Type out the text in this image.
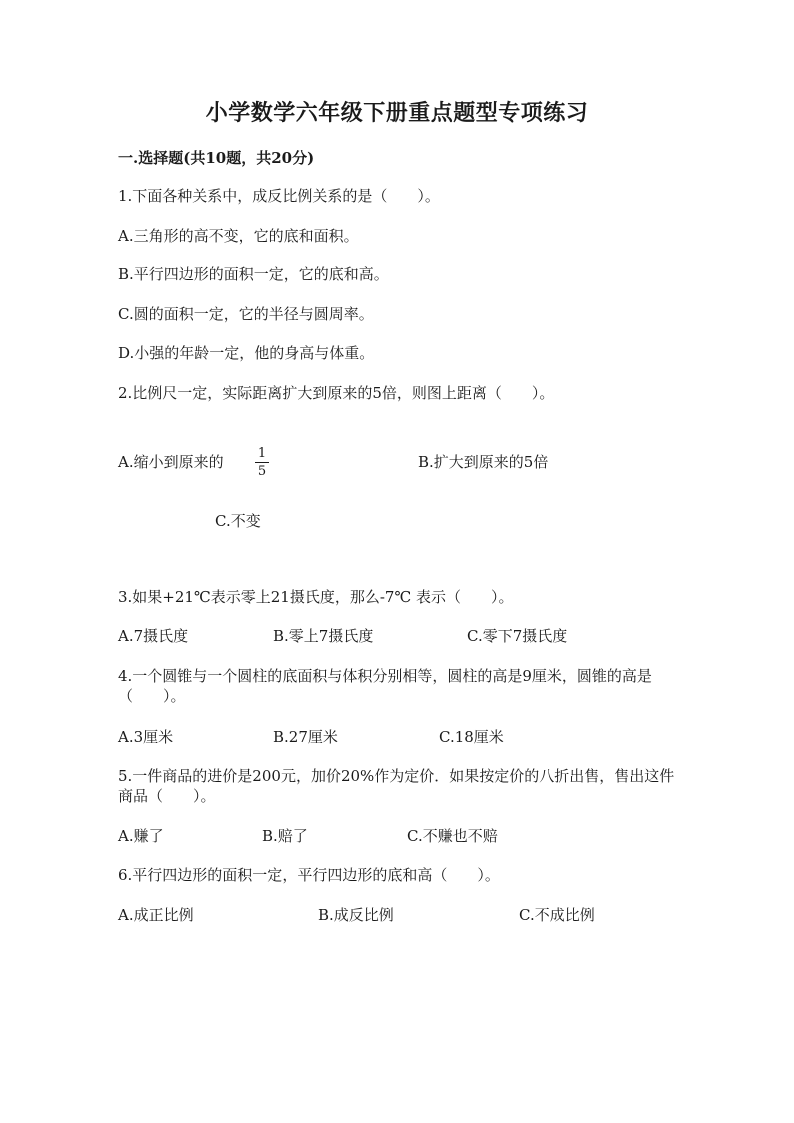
小学数学六年级下册重点题型专项练习
一.选择题(共10题，共20分)
1.下面各种关系中，成反比例关系的是（　　）。
A.三角形的高不变，它的底和面积。
B.平行四边形的面积一定，它的底和高。
C.圆的面积一定，它的半径与圆周率。
D.小强的年龄一定，他的身高与体重。
2.比例尺一定，实际距离扩大到原来的5倍，则图上距离（　　）。
A.缩小到原来的	1
5
B.扩大到原来的5倍
C.不变
3.如果+21℃表示零上21摄氏度，那么-7℃ 表示（　　）。
A.7摄氏度	B.零上7摄氏度	C.零下7摄氏度
4.一个圆锥与一个圆柱的底面积与体积分别相等，圆柱的高是9厘米，圆锥的高是（　　）。
A.3厘米	B.27厘米	C.18厘米
5.一件商品的进价是200元，加价20%作为定价．如果按定价的八折出售，售出这件商品（　　）。
A.赚了	B.赔了	C.不赚也不赔
6.平行四边形的面积一定，平行四边形的底和高（　　）。
A.成正比例	B.成反比例	C.不成比例
